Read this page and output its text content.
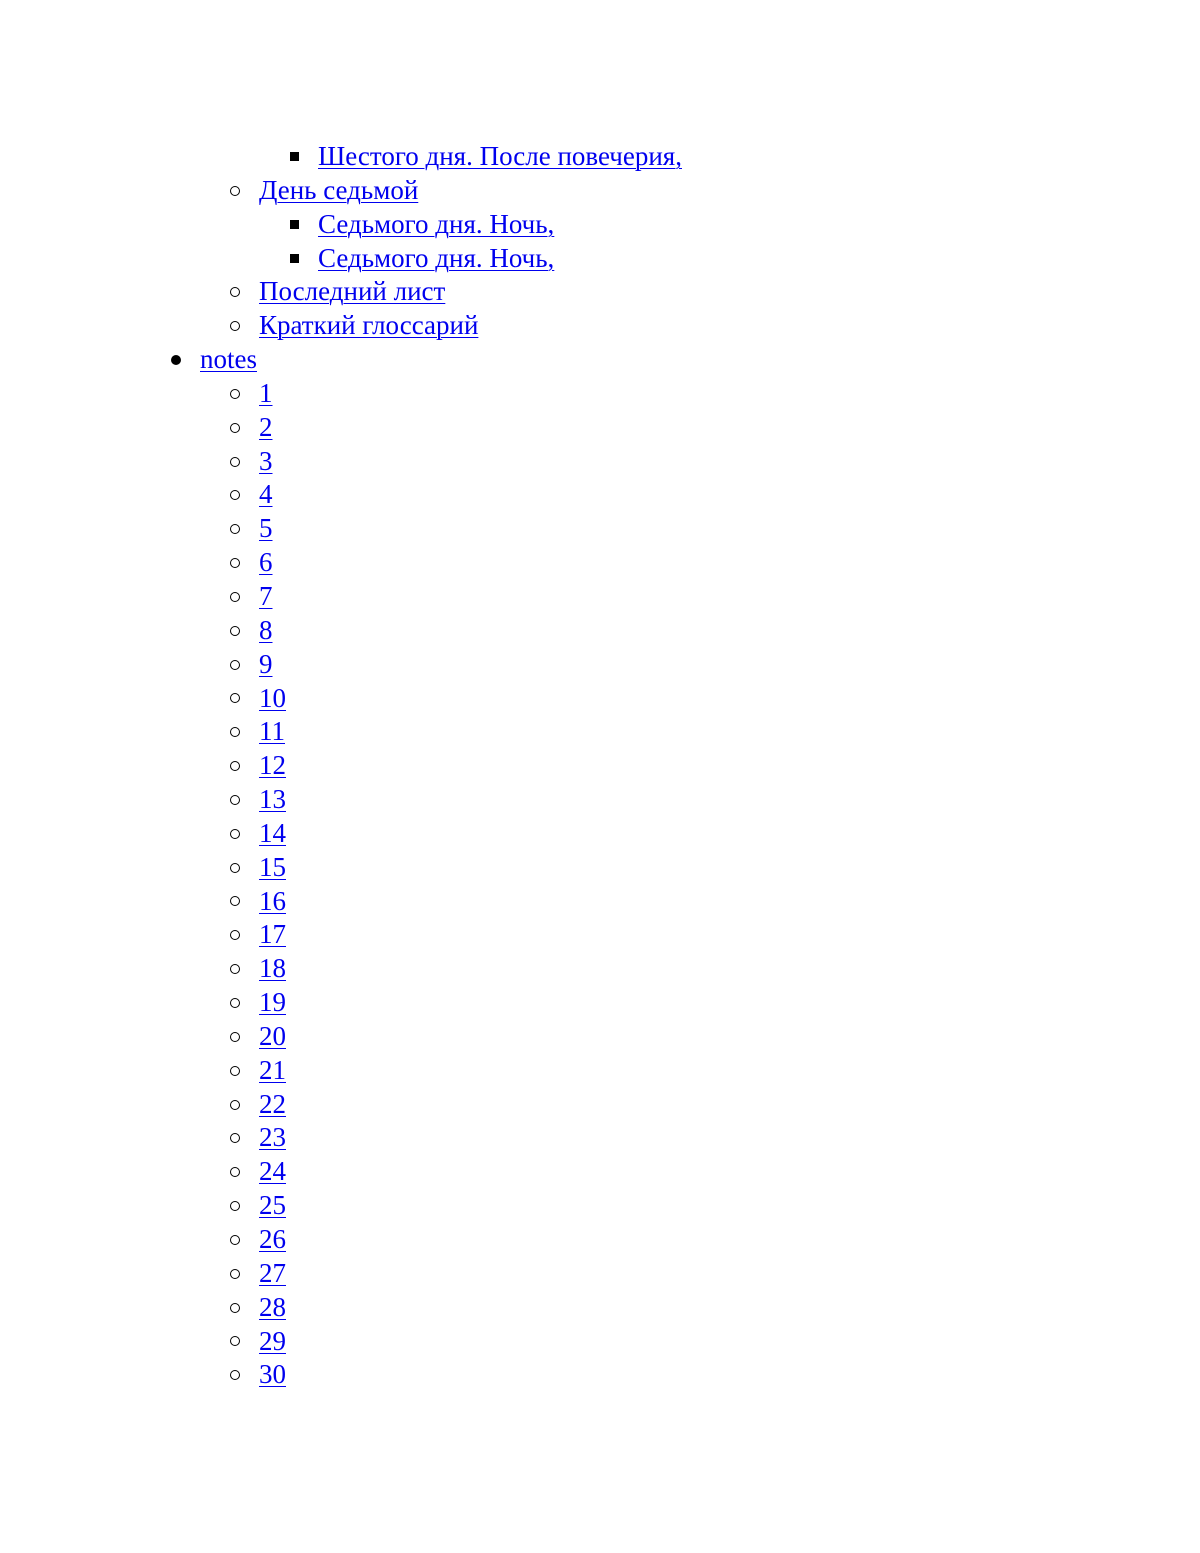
Шестого дня. После повечерия,
День седьмой
Седьмого дня. Ночь,
Седьмого дня. Ночь,
Последний лист
Краткий глоссарий
notes
1
2
3
4
5
6
7
8
9
10
11
12
13
14
15
16
17
18
19
20
21
22
23
24
25
26
27
28
29
30
